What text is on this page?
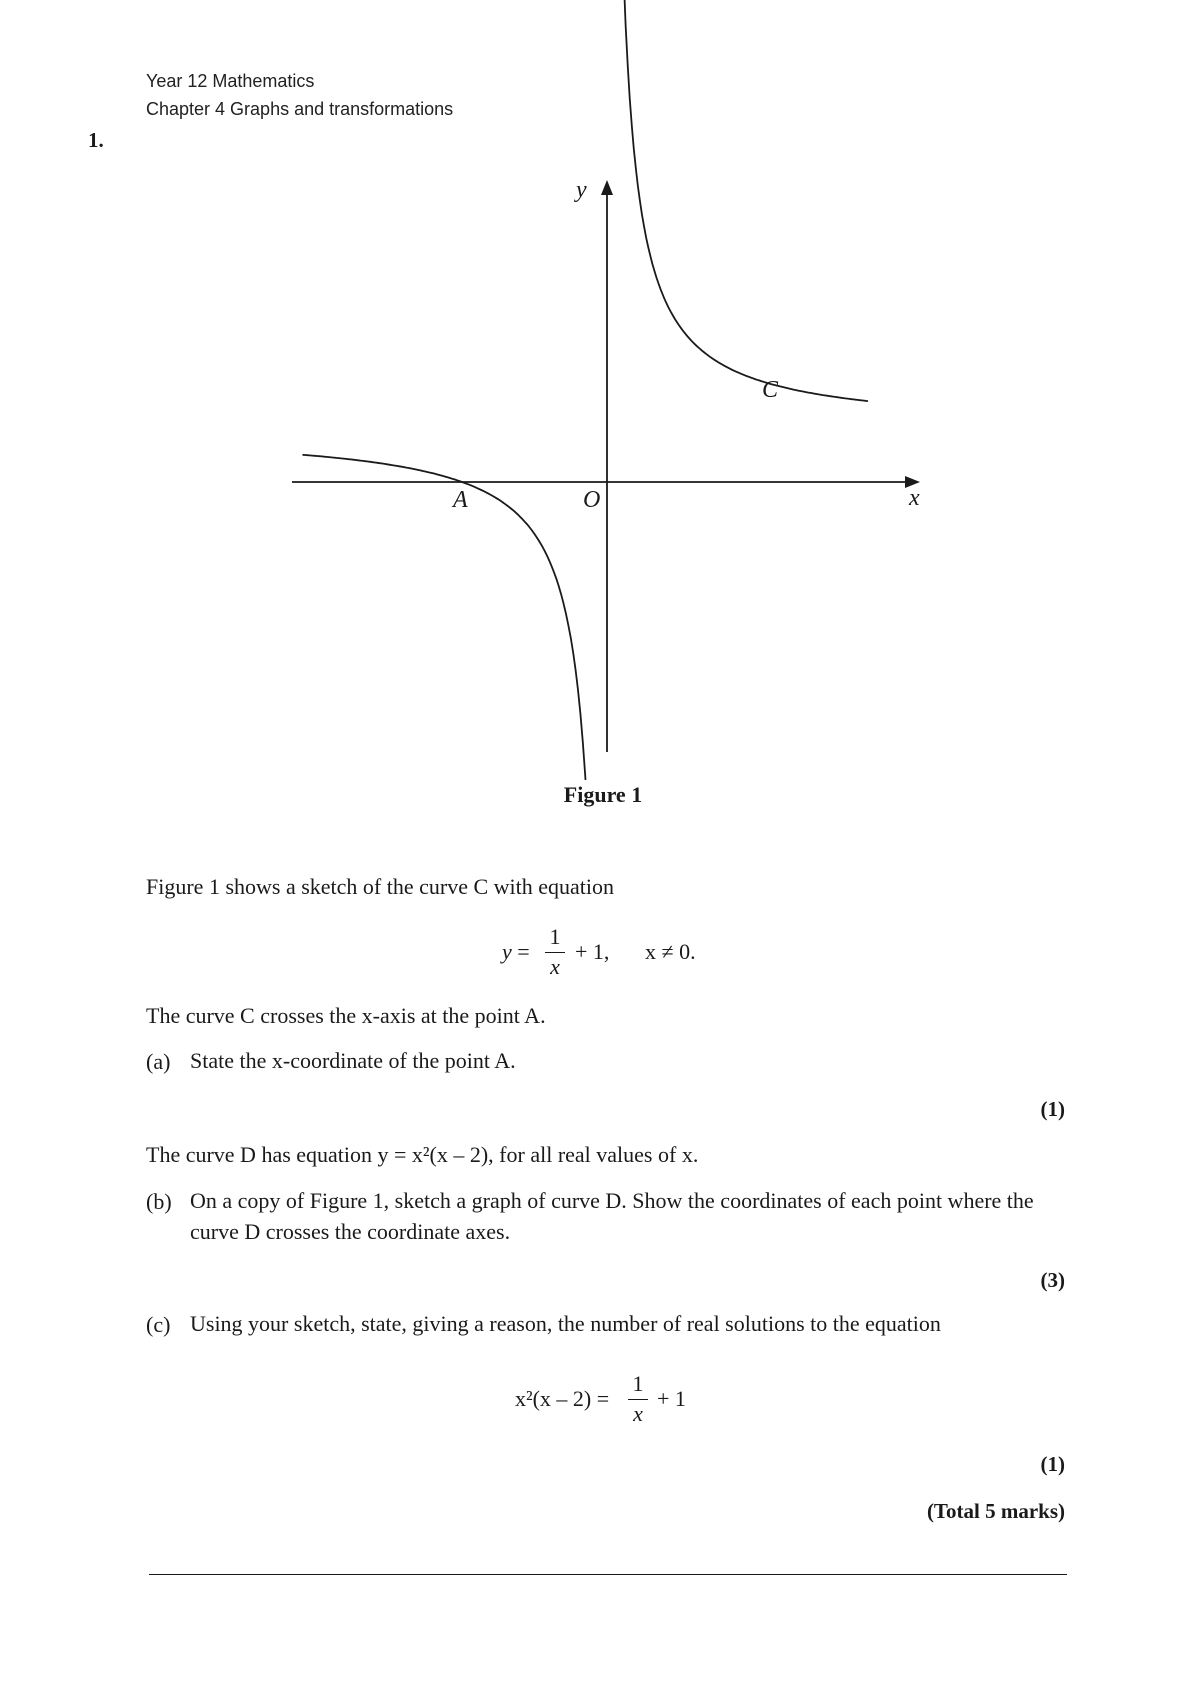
Year 12 Mathematics
Chapter 4 Graphs and transformations
1.
y
x
O
A
C
Figure 1
Figure 1 shows a sketch of the curve C with equation
y =
1
x
+ 1, x ≠ 0.
The curve C crosses the x-axis at the point A.
(a) State the x-coordinate of the point A.
(1)
The curve D has equation y = x²(x – 2), for all real values of x.
(b) On a copy of Figure 1, sketch a graph of curve D. Show the coordinates of each point where the curve D crosses the coordinate axes.
(3)
(c) Using your sketch, state, giving a reason, the number of real solutions to the equation
x²(x – 2) =
1
x
+ 1
(1)
(Total 5 marks)
